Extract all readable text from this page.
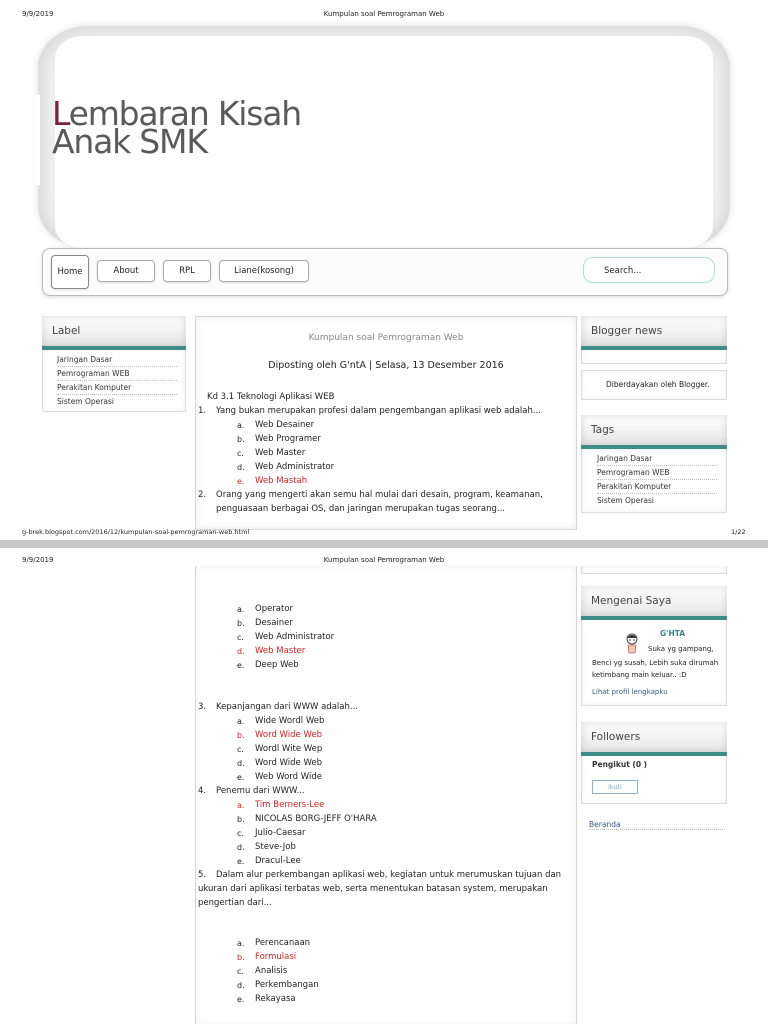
9/9/2019	Kumpulan soal Pemrograman Web
Lembaran Kisah
Anak SMK
Home	About	RPL	Liane(kosong)	Search...
Label
Jaringan Dasar
Pemrograman WEB
Perakitan Komputer
Sistem Operasi
Kumpulan soal Pemrograman Web
Diposting oleh G'ntA | Selasa, 13 Desember 2016
Kd 3.1 Teknologi Aplikasi WEB
1. Yang bukan merupakan profesi dalam pengembangan aplikasi web adalah...
a. Web Desainer
b. Web Programer
c. Web Master
d. Web Administrator
e. Web Mastah
2. Orang yang mengerti akan semu hal mulai dari desain, program, keamanan,
penguasaan berbagai OS, dan jaringan merupakan tugas seorang...
Blogger news
Diberdayakan oleh Blogger.
Tags
Jaringan Dasar
Pemrograman WEB
Perakitan Komputer
Sistem Operasi
g-brek.blogspot.com/2016/12/kumpulan-soal-pemrograman-web.html	1/22
9/9/2019	Kumpulan soal Pemrograman Web
a. Operator
b. Desainer
c. Web Administrator
d. Web Master
e. Deep Web
3. Kepanjangan dari WWW adalah...
a. Wide Wordl Web
b. Word Wide Web
c. Wordl Wite Wep
d. Word Wide Web
e. Web Word Wide
4. Penemu dari WWW...
a. Tim Berners-Lee
b. NICOLAS BORG-JEFF O'HARA
c. Julio-Caesar
d. Steve-Job
e. Dracul-Lee
5. Dalam alur perkembangan aplikasi web, kegiatan untuk merumuskan tujuan dan
ukuran dari aplikasi terbatas web, serta menentukan batasan system, merupakan
pengertian dari...
a. Perencanaan
b. Formulasi
c. Analisis
d. Perkembangan
e. Rekayasa
Mengenai Saya
G'HTA
Suka yg gampang,
Benci yg susah, Lebih suka dirumah
ketimbang main keluar.. :D
Lihat profil lengkapku
Followers
Pengikut (0 )
Ikuti
Beranda
